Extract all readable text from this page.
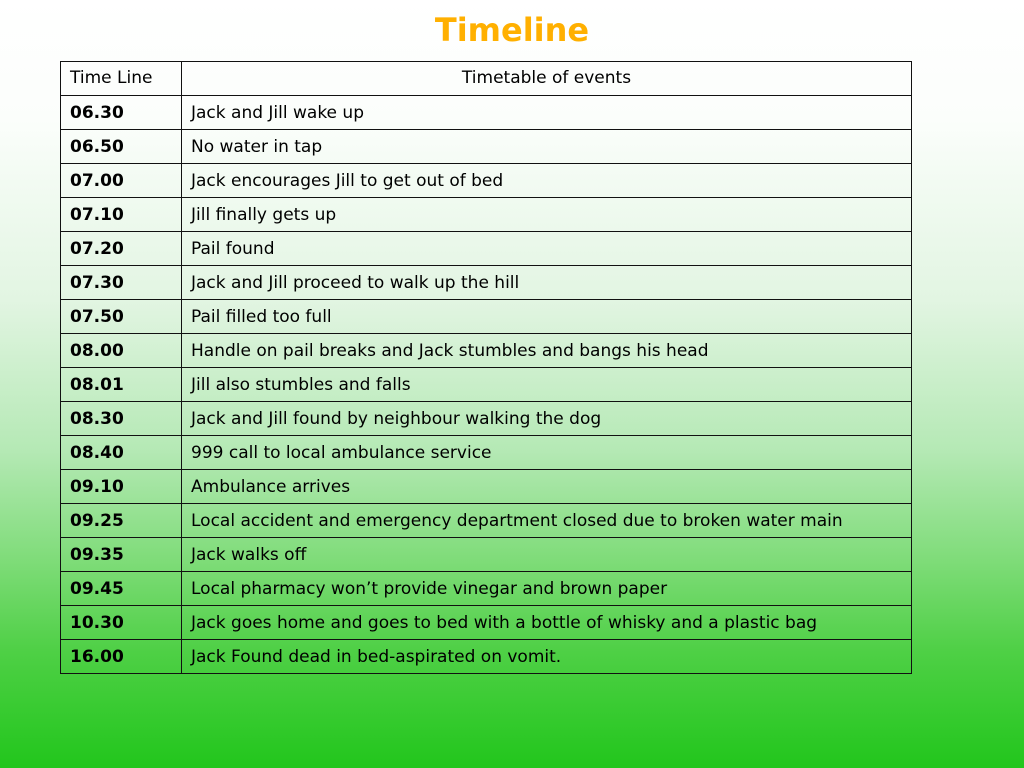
Timeline
Time Line	Timetable of events
06.30	Jack and Jill wake up
06.50	No water in tap
07.00	Jack encourages Jill to get out of bed
07.10	Jill finally gets up
07.20	Pail found
07.30	Jack and Jill proceed to walk up the hill
07.50	Pail filled too full
08.00	Handle on pail breaks and Jack stumbles and bangs his head
08.01	Jill also stumbles and falls
08.30	Jack and Jill found by neighbour walking the dog
08.40	999 call to local ambulance service
09.10	Ambulance arrives
09.25	Local accident and emergency department closed due to broken water main
09.35	Jack walks off
09.45	Local pharmacy won’t provide vinegar and brown paper
10.30	Jack goes home and goes to bed with a bottle of whisky and a plastic bag
16.00	Jack Found dead in bed-aspirated on vomit.
